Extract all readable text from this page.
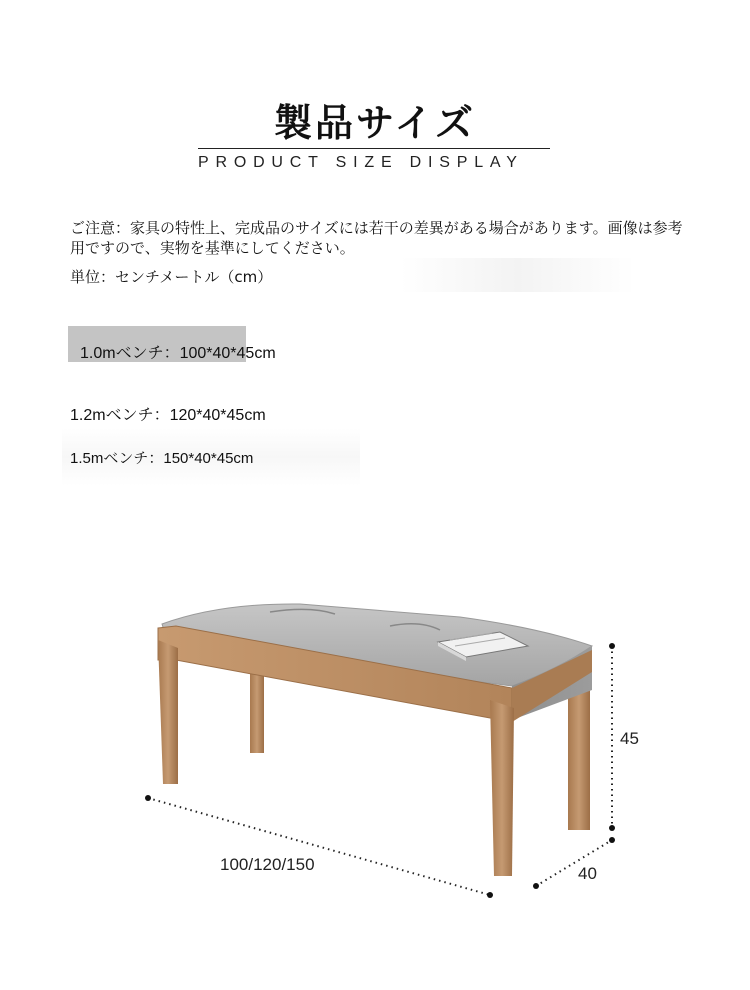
製品サイズ
PRODUCT SIZE DISPLAY
ご注意：家具の特性上、完成品のサイズには若干の差異がある場合があります。画像は参考
用ですので、実物を基準にしてください。
単位：センチメートル（cm）
1.0mベンチ：100*40*45cm
1.2mベンチ：120*40*45cm
1.5mベンチ：150*40*45cm
100/120/150	40
45
